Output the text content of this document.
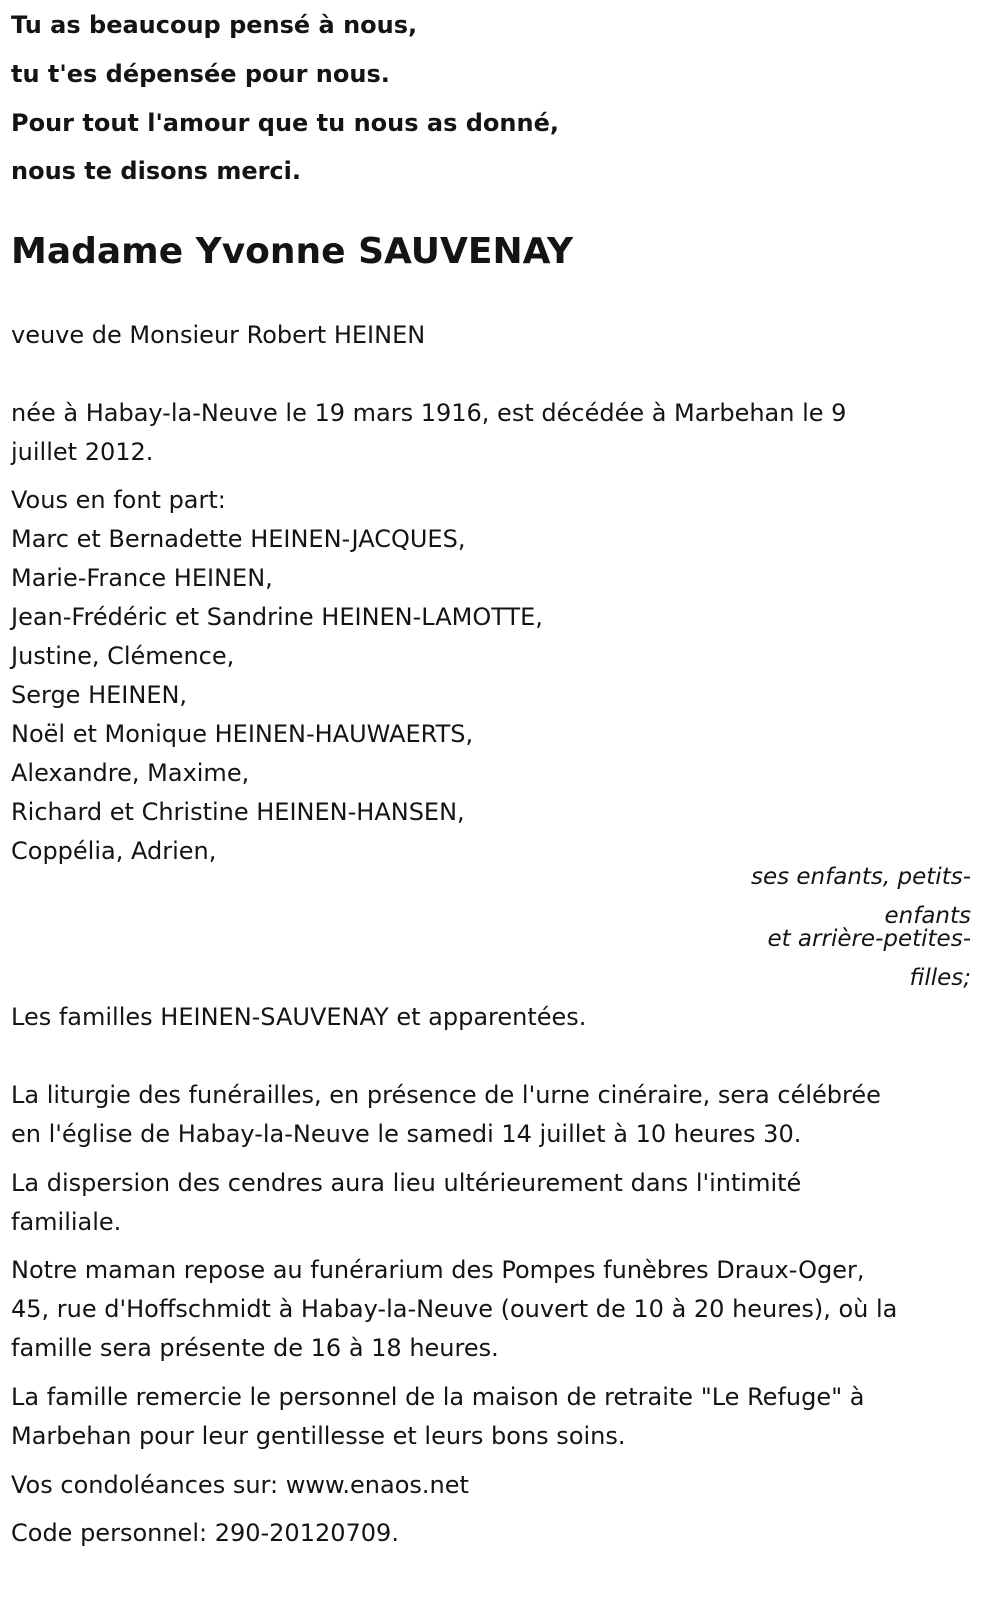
Tu as beaucoup pensé à nous,
tu t'es dépensée pour nous.
Pour tout l'amour que tu nous as donné,
nous te disons merci.
Madame Yvonne SAUVENAY
veuve de Monsieur Robert HEINEN
née à Habay-la-Neuve le 19 mars 1916, est décédée à Marbehan le 9
juillet 2012.
Vous en font part:
Marc et Bernadette HEINEN-JACQUES,
Marie-France HEINEN,
Jean-Frédéric et Sandrine HEINEN-LAMOTTE,
Justine, Clémence,
Serge HEINEN,
Noël et Monique HEINEN-HAUWAERTS,
Alexandre, Maxime,
Richard et Christine HEINEN-HANSEN,
Coppélia, Adrien,
ses enfants, petits-
enfants
et arrière-petites-
filles;
Les familles HEINEN-SAUVENAY et apparentées.
La liturgie des funérailles, en présence de l'urne cinéraire, sera célébrée
en l'église de Habay-la-Neuve le samedi 14 juillet à 10 heures 30.
La dispersion des cendres aura lieu ultérieurement dans l'intimité
familiale.
Notre maman repose au funérarium des Pompes funèbres Draux-Oger,
45, rue d'Hoffschmidt à Habay-la-Neuve (ouvert de 10 à 20 heures), où la
famille sera présente de 16 à 18 heures.
La famille remercie le personnel de la maison de retraite "Le Refuge" à
Marbehan pour leur gentillesse et leurs bons soins.
Vos condoléances sur: www.enaos.net
Code personnel: 290-20120709.
